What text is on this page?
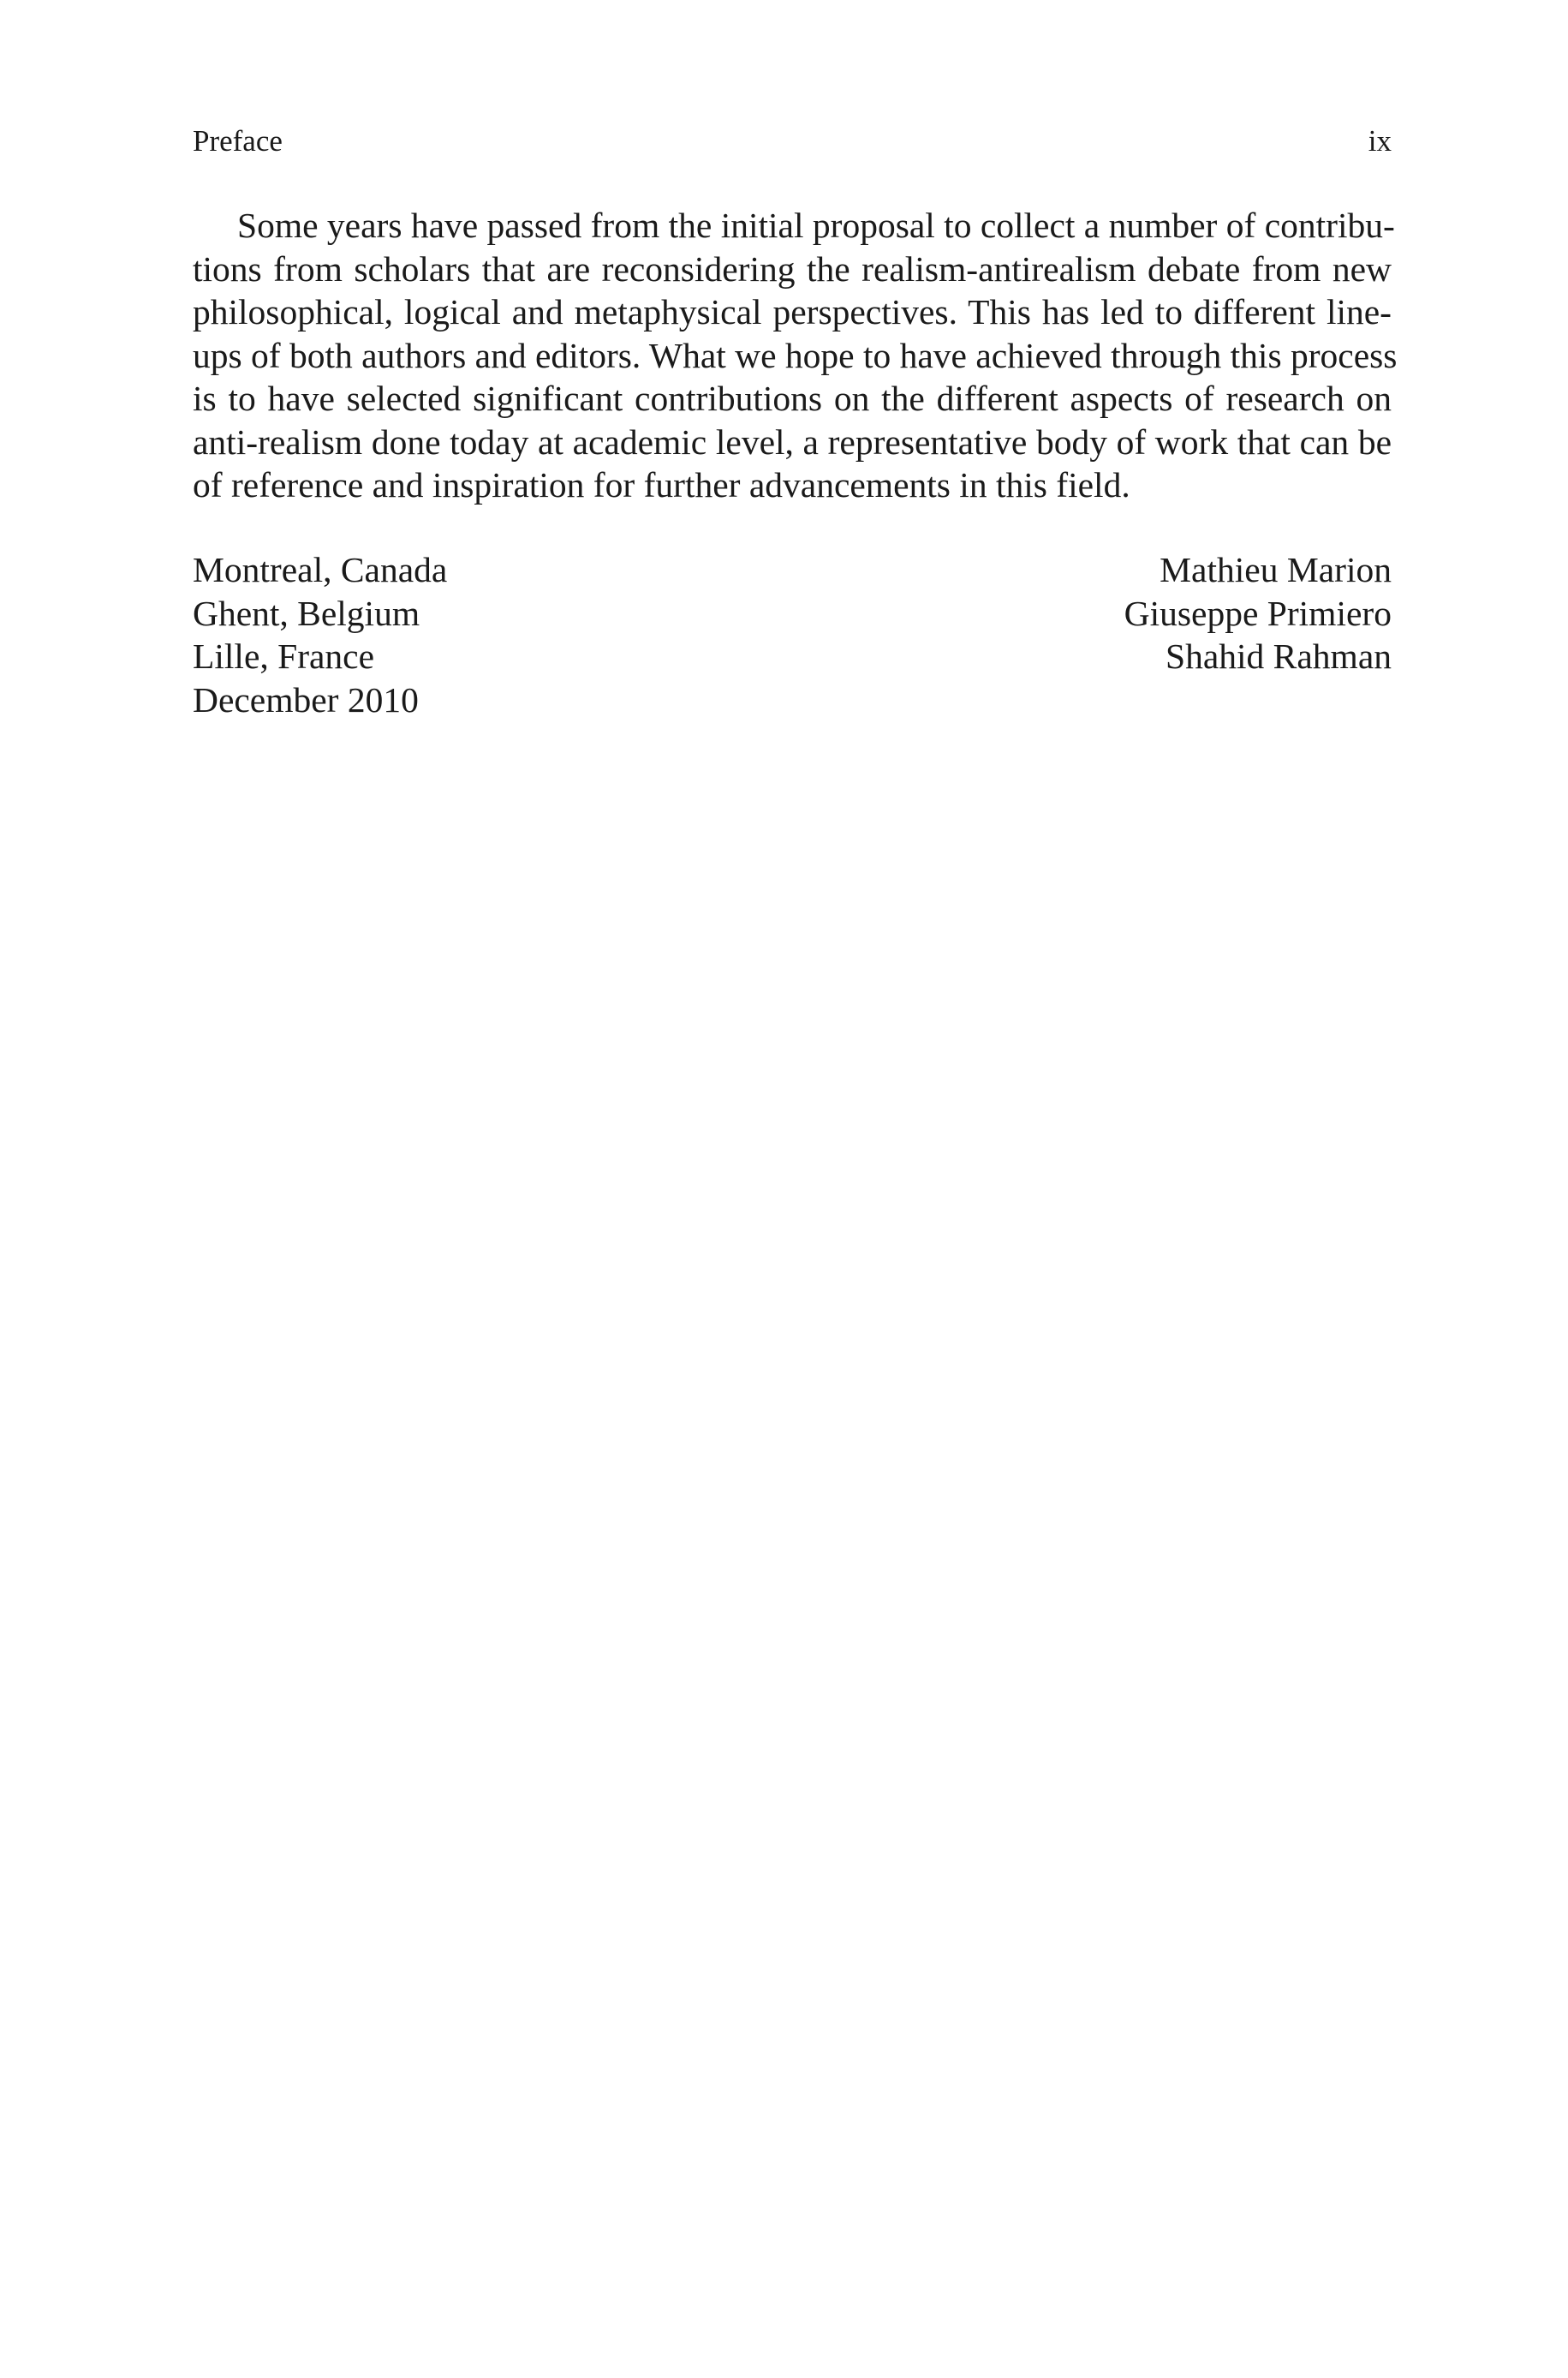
Preface	ix
Some years have passed from the initial proposal to collect a number of contribu-
tions from scholars that are reconsidering the realism-antirealism debate from new
philosophical, logical and metaphysical perspectives. This has led to different line-
ups of both authors and editors. What we hope to have achieved through this process
is to have selected significant contributions on the different aspects of research on
anti-realism done today at academic level, a representative body of work that can be
of reference and inspiration for further advancements in this field.
Montreal, Canada
Ghent, Belgium
Lille, France
December 2010
Mathieu Marion
Giuseppe Primiero
Shahid Rahman
